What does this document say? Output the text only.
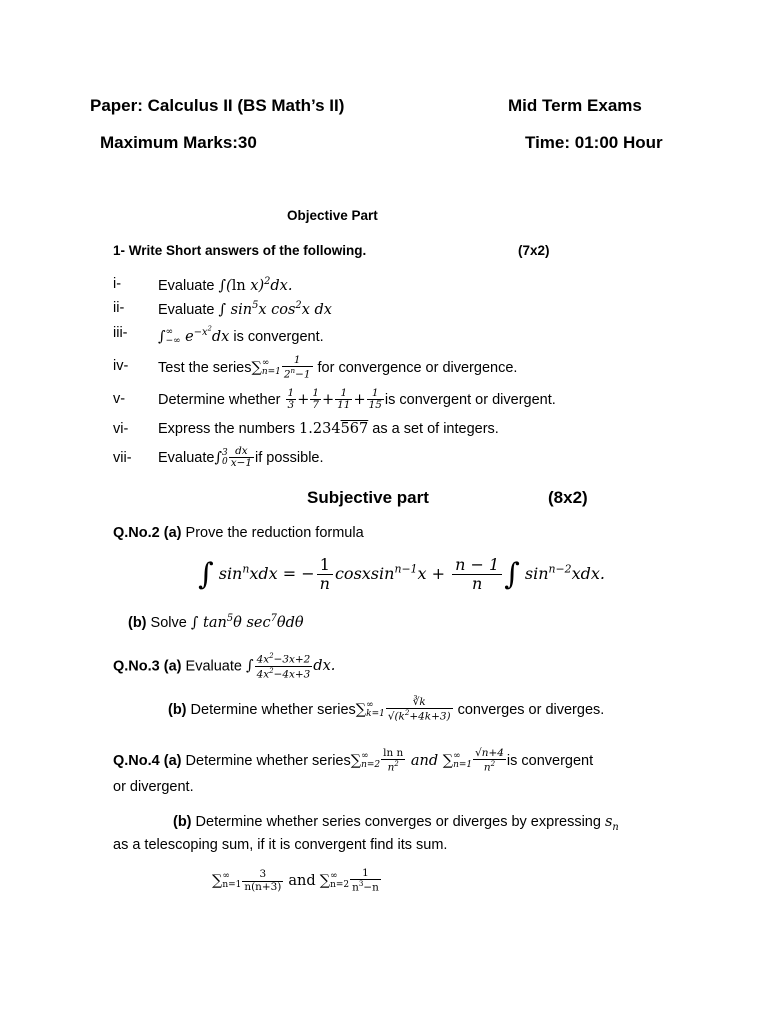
Paper: Calculus II (BS Math’s II)	Mid Term Exams
Maximum Marks:30	Time: 01:00 Hour
Objective Part
1- Write Short answers of the following.	(7x2)
i-	Evaluate ∫(ln x)$^2$dx.
ii- Evaluate ∫ $\sin^5x$ $\cos^2x$ dx
iii- ∫ ∞
−∞ $e^{-x^2}dx$ is convergent.
iv- Test the series∑ ∞
$n=1 \frac{1}{2^n-1}$ for convergence or divergence.
v- Determine whether $\frac{1}{3} + \frac{1}{7} + \frac{1}{11} + \frac{1}{15}$ is convergent or divergent.
vi- Express the numbers 1.234567 as a set of integers.
vii- Evaluate∫ 3
$0 \frac{dx}{x-1}$ if possible.
Subjective part	(8x2)
Q.No.2 (a) Prove the reduction formula
∫ $\sin^nxdx$ = − $\frac{1}{n}$ cosxsin$^{n-1}$x + $\frac{n - 1}{n}$ ∫ $\sin^{n-2}xdx$.
(b) Solve ∫ $\tan^5\theta$ $\sec^7\theta d\theta$
Q.No.3 (a) Evaluate ∫ $\frac{4x^2-3x+2}{4x^2-4x+3}$ dx.
(b) Determine whether series∑ ∞
$k=1 \frac{∛k}{√(k^2+4k+3)}$ converges or diverges.
Q.No.4 (a) Determine whether series∑ ∞
$n=2 \frac{\text{ln n}}{n^2}$ and ∑ ∞
$n=1 \frac{√n+4}{n^2}$ is convergent
or divergent.
(b) Determine whether series converges or diverges by expressing $s_n$
as a telescoping sum, if it is convergent find its sum.
∑ ∞
$n=1 \frac{3}{n(n+3)}$ and ∑ ∞
$n=2 \frac{1}{n^3-n}$
